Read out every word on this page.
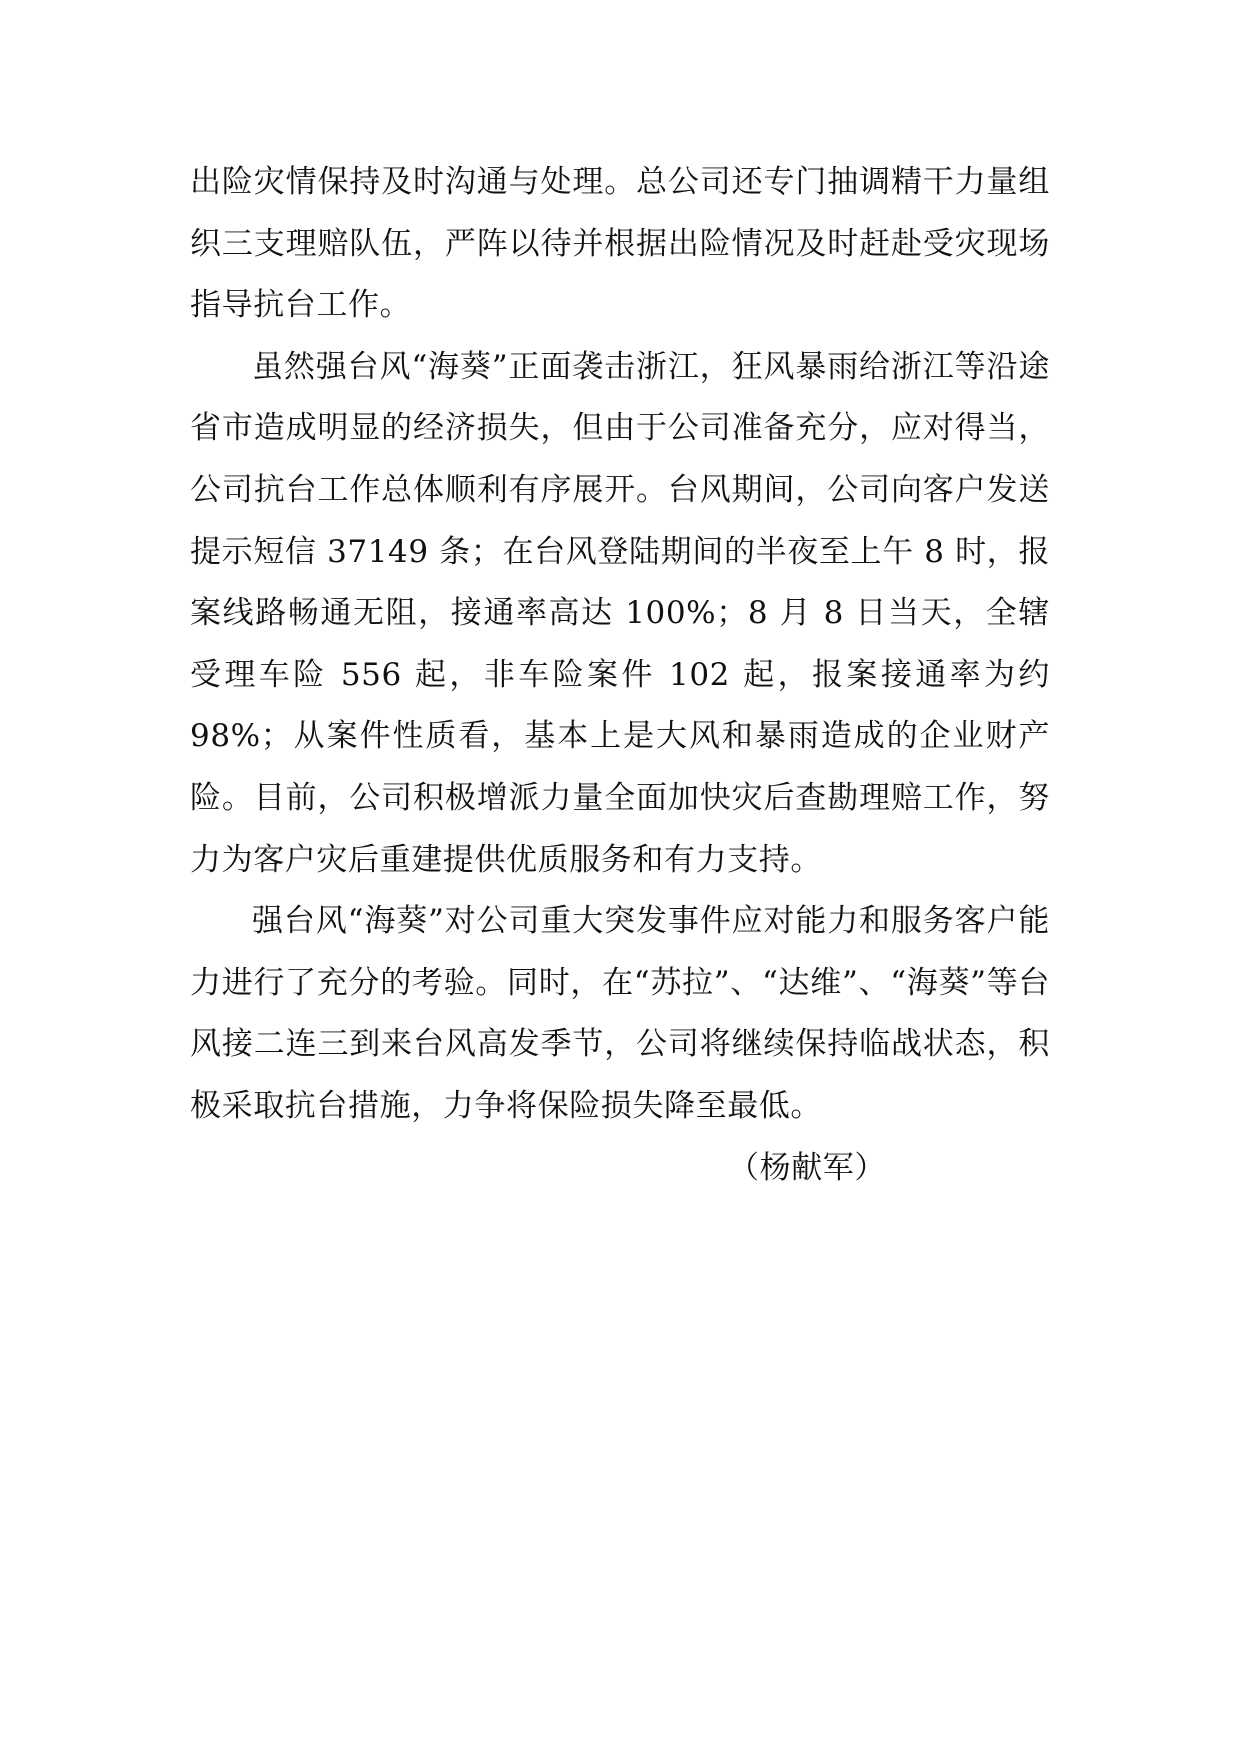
出险灾情保持及时沟通与处理。总公司还专门抽调精干力量组织三支理赔队伍，严阵以待并根据出险情况及时赶赴受灾现场指导抗台工作。

虽然强台风“海葵”正面袭击浙江，狂风暴雨给浙江等沿途省市造成明显的经济损失，但由于公司准备充分，应对得当，公司抗台工作总体顺利有序展开。台风期间，公司向客户发送提示短信 37149 条；在台风登陆期间的半夜至上午 8 时，报案线路畅通无阻，接通率高达 100%；8 月 8 日当天，全辖受理车险 556 起，非车险案件 102 起，报案接通率为约 98%；从案件性质看，基本上是大风和暴雨造成的企业财产险。目前，公司积极增派力量全面加快灾后查勘理赔工作，努力为客户灾后重建提供优质服务和有力支持。

强台风“海葵”对公司重大突发事件应对能力和服务客户能力进行了充分的考验。同时，在“苏拉”、“达维”、“海葵”等台风接二连三到来台风高发季节，公司将继续保持临战状态，积极采取抗台措施，力争将保险损失降至最低。

（杨献军）
